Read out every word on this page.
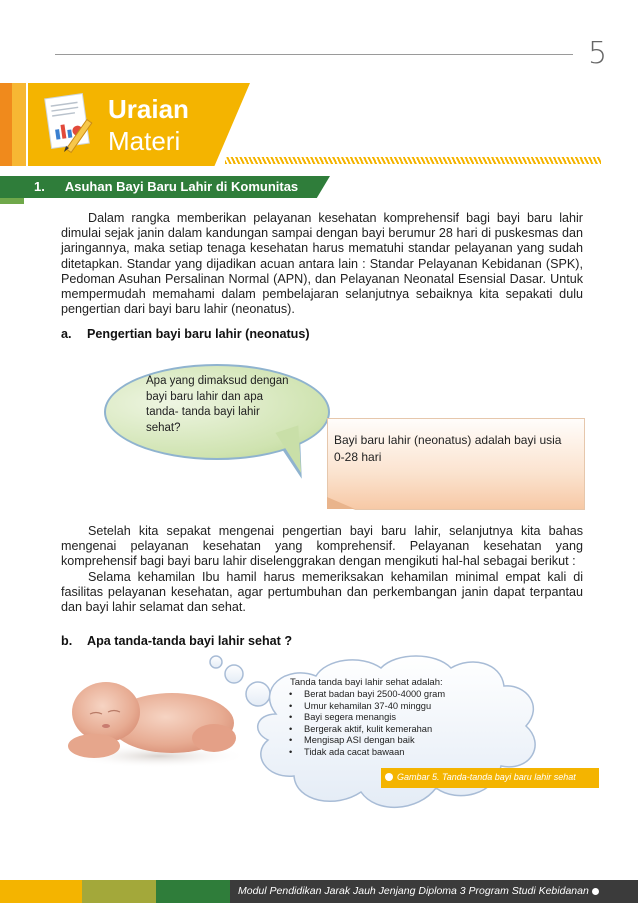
5
Uraian
Materi
1. Asuhan Bayi Baru Lahir di Komunitas

Dalam rangka memberikan pelayanan kesehatan komprehensif bagi bayi baru lahir dimulai sejak janin dalam kandungan sampai dengan bayi berumur 28 hari di puskesmas dan jaringannya, maka setiap tenaga kesehatan harus mematuhi standar pelayanan yang sudah ditetapkan. Standar yang dijadikan acuan antara lain : Standar Pelayanan Kebidanan (SPK), Pedoman Asuhan Persalinan Normal (APN), dan Pelayanan Neonatal Esensial Dasar. Untuk mempermudah memahami dalam pembelajaran selanjutnya sebaiknya kita sepakati dulu pengertian dari bayi baru lahir (neonatus).

a. Pengertian bayi baru lahir (neonatus)
Apa yang dimaksud dengan bayi baru lahir dan apa tanda- tanda bayi lahir sehat?
Bayi baru lahir (neonatus) adalah bayi usia 0-28 hari

Setelah kita sepakat mengenai pengertian bayi baru lahir, selanjutnya kita bahas mengenai pelayanan kesehatan yang komprehensif. Pelayanan kesehatan yang komprehensif bagi bayi baru lahir diselenggrakan dengan mengikuti hal-hal sebagai berikut :

Selama kehamilan Ibu hamil harus memeriksakan kehamilan minimal empat kali di fasilitas pelayanan kesehatan, agar pertumbuhan dan perkembangan janin dapat terpantau dan bayi lahir selamat dan sehat.

b. Apa tanda-tanda bayi lahir sehat ?
Tanda tanda bayi lahir sehat adalah:
• Berat badan bayi 2500-4000 gram
• Umur kehamilan 37-40 minggu
• Bayi segera menangis
• Bergerak aktif, kulit kemerahan
• Mengisap ASI dengan baik
• Tidak ada cacat bawaan
Gambar 5. Tanda-tanda bayi baru lahir sehat
Modul Pendidikan Jarak Jauh Jenjang Diploma 3 Program Studi Kebidanan
